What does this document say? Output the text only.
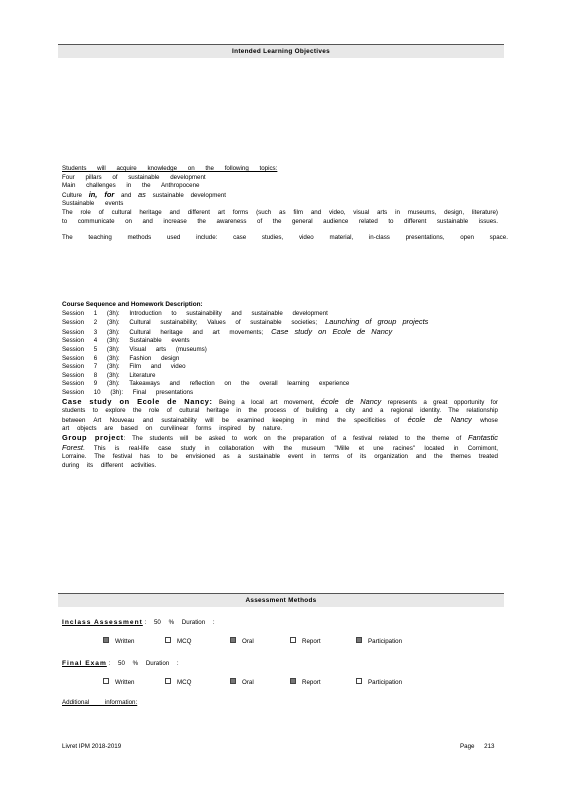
Intended Learning Objectives
Students will acquire knowledge on the following topics:
Four pillars of sustainable development
Main challenges in the Anthropocene
Culture in, for and as sustainable development
Sustainable events
The role of cultural heritage and different art forms (such as film and video, visual arts in museums, design, literature)
to communicate on and increase the awareness of the general audience related to different sustainable issues.
The teaching methods used include: case studies, video material, in-class presentations, open space.
Course Sequence and Homework Description:
Session 1 (3h): Introduction to sustainability and sustainable development
Session 2 (3h): Cultural sustainability; Values of sustainable societies; Launching of group projects
Session 3 (3h): Cultural heritage and art movements; Case study on Ecole de Nancy
Session 4 (3h): Sustainable events
Session 5 (3h): Visual arts (museums)
Session 6 (3h): Fashion design
Session 7 (3h): Film and video
Session 8 (3h): Literature
Session 9 (3h): Takeaways and reflection on the overall learning experience
Session 10 (3h): Final presentations
Case study on Ecole de Nancy: Being a local art movement, école de Nancy represents a great opportunity for
students to explore the role of cultural heritage in the process of building a city and a regional identity. The relationship
between Art Nouveau and sustainability will be examined keeping in mind the specificities of école de Nancy whose
art objects are based on curvilinear forms inspired by nature.
Group project: The students will be asked to work on the preparation of a festival related to the theme of Fantastic
Forest. This is real-life case study in collaboration with the museum "Mille et une racines" located in Cornimont,
Lorraine. The festival has to be envisioned as a sustainable event in terms of its organization and the themes treated
during its different activities.
Assessment Methods
Inclass Assessment : 50 % Duration :
Written	MCQ	Oral	Report	Participation
Final Exam : 50 % Duration :
Written	MCQ	Oral	Report	Participation
Additional information:
Livret IPM 2018-2019	Page 213
